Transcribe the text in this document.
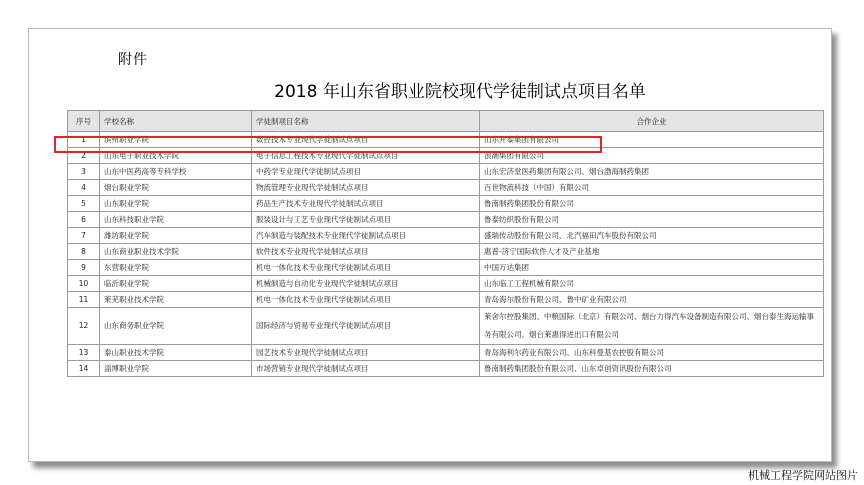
附件
2018 年山东省职业院校现代学徒制试点项目名单
序号	学校名称	学徒制项目名称	合作企业
1	滨州职业学院	数控技术专业现代学徒制试点项目	山东开泰集团有限公司
2	山东电子职业技术学院	电子信息工程技术专业现代学徒制试点项目	浪潮集团有限公司
3	山东中医药高等专科学校	中药学专业现代学徒制试点项目	山东宏济堂医药集团有限公司、烟台渤海制药集团
4	烟台职业学院	物流管理专业现代学徒制试点项目	百世物流科技（中国）有限公司
5	山东职业学院	药品生产技术专业现代学徒制试点项目	鲁南制药集团股份有限公司
6	山东科技职业学院	服装设计与工艺专业现代学徒制试点项目	鲁泰纺织股份有限公司
7	潍坊职业学院	汽车制造与装配技术专业现代学徒制试点项目	盛瑞传动股份有限公司、北汽福田汽车股份有限公司
8	山东商业职业技术学院	软件技术专业现代学徒制试点项目	惠普-济宁国际软件人才及产业基地
9	东营职业学院	机电一体化技术专业现代学徒制试点项目	中国万达集团
10	临沂职业学院	机械制造与自动化专业现代学徒制试点项目	山东临工工程机械有限公司
11	莱芜职业技术学院	机电一体化技术专业现代学徒制试点项目	青岛海尔股份有限公司、鲁中矿业有限公司
12	山东商务职业学院	国际经济与贸易专业现代学徒制试点项目	莱舍尔控股集团、中粮国际（北京）有限公司、烟台力得汽车设备制造有限公司、烟台泰生海运输事务有限公司、烟台莱惠得进出口有限公司
13	泰山职业技术学院	园艺技术专业现代学徒制试点项目	青岛海利尔药业有限公司、山东科曼基农控股有限公司
14	淄博职业学院	市场营销专业现代学徒制试点项目	鲁南制药集团股份有限公司、山东卓创资讯股份有限公司
机械工程学院网站图片
